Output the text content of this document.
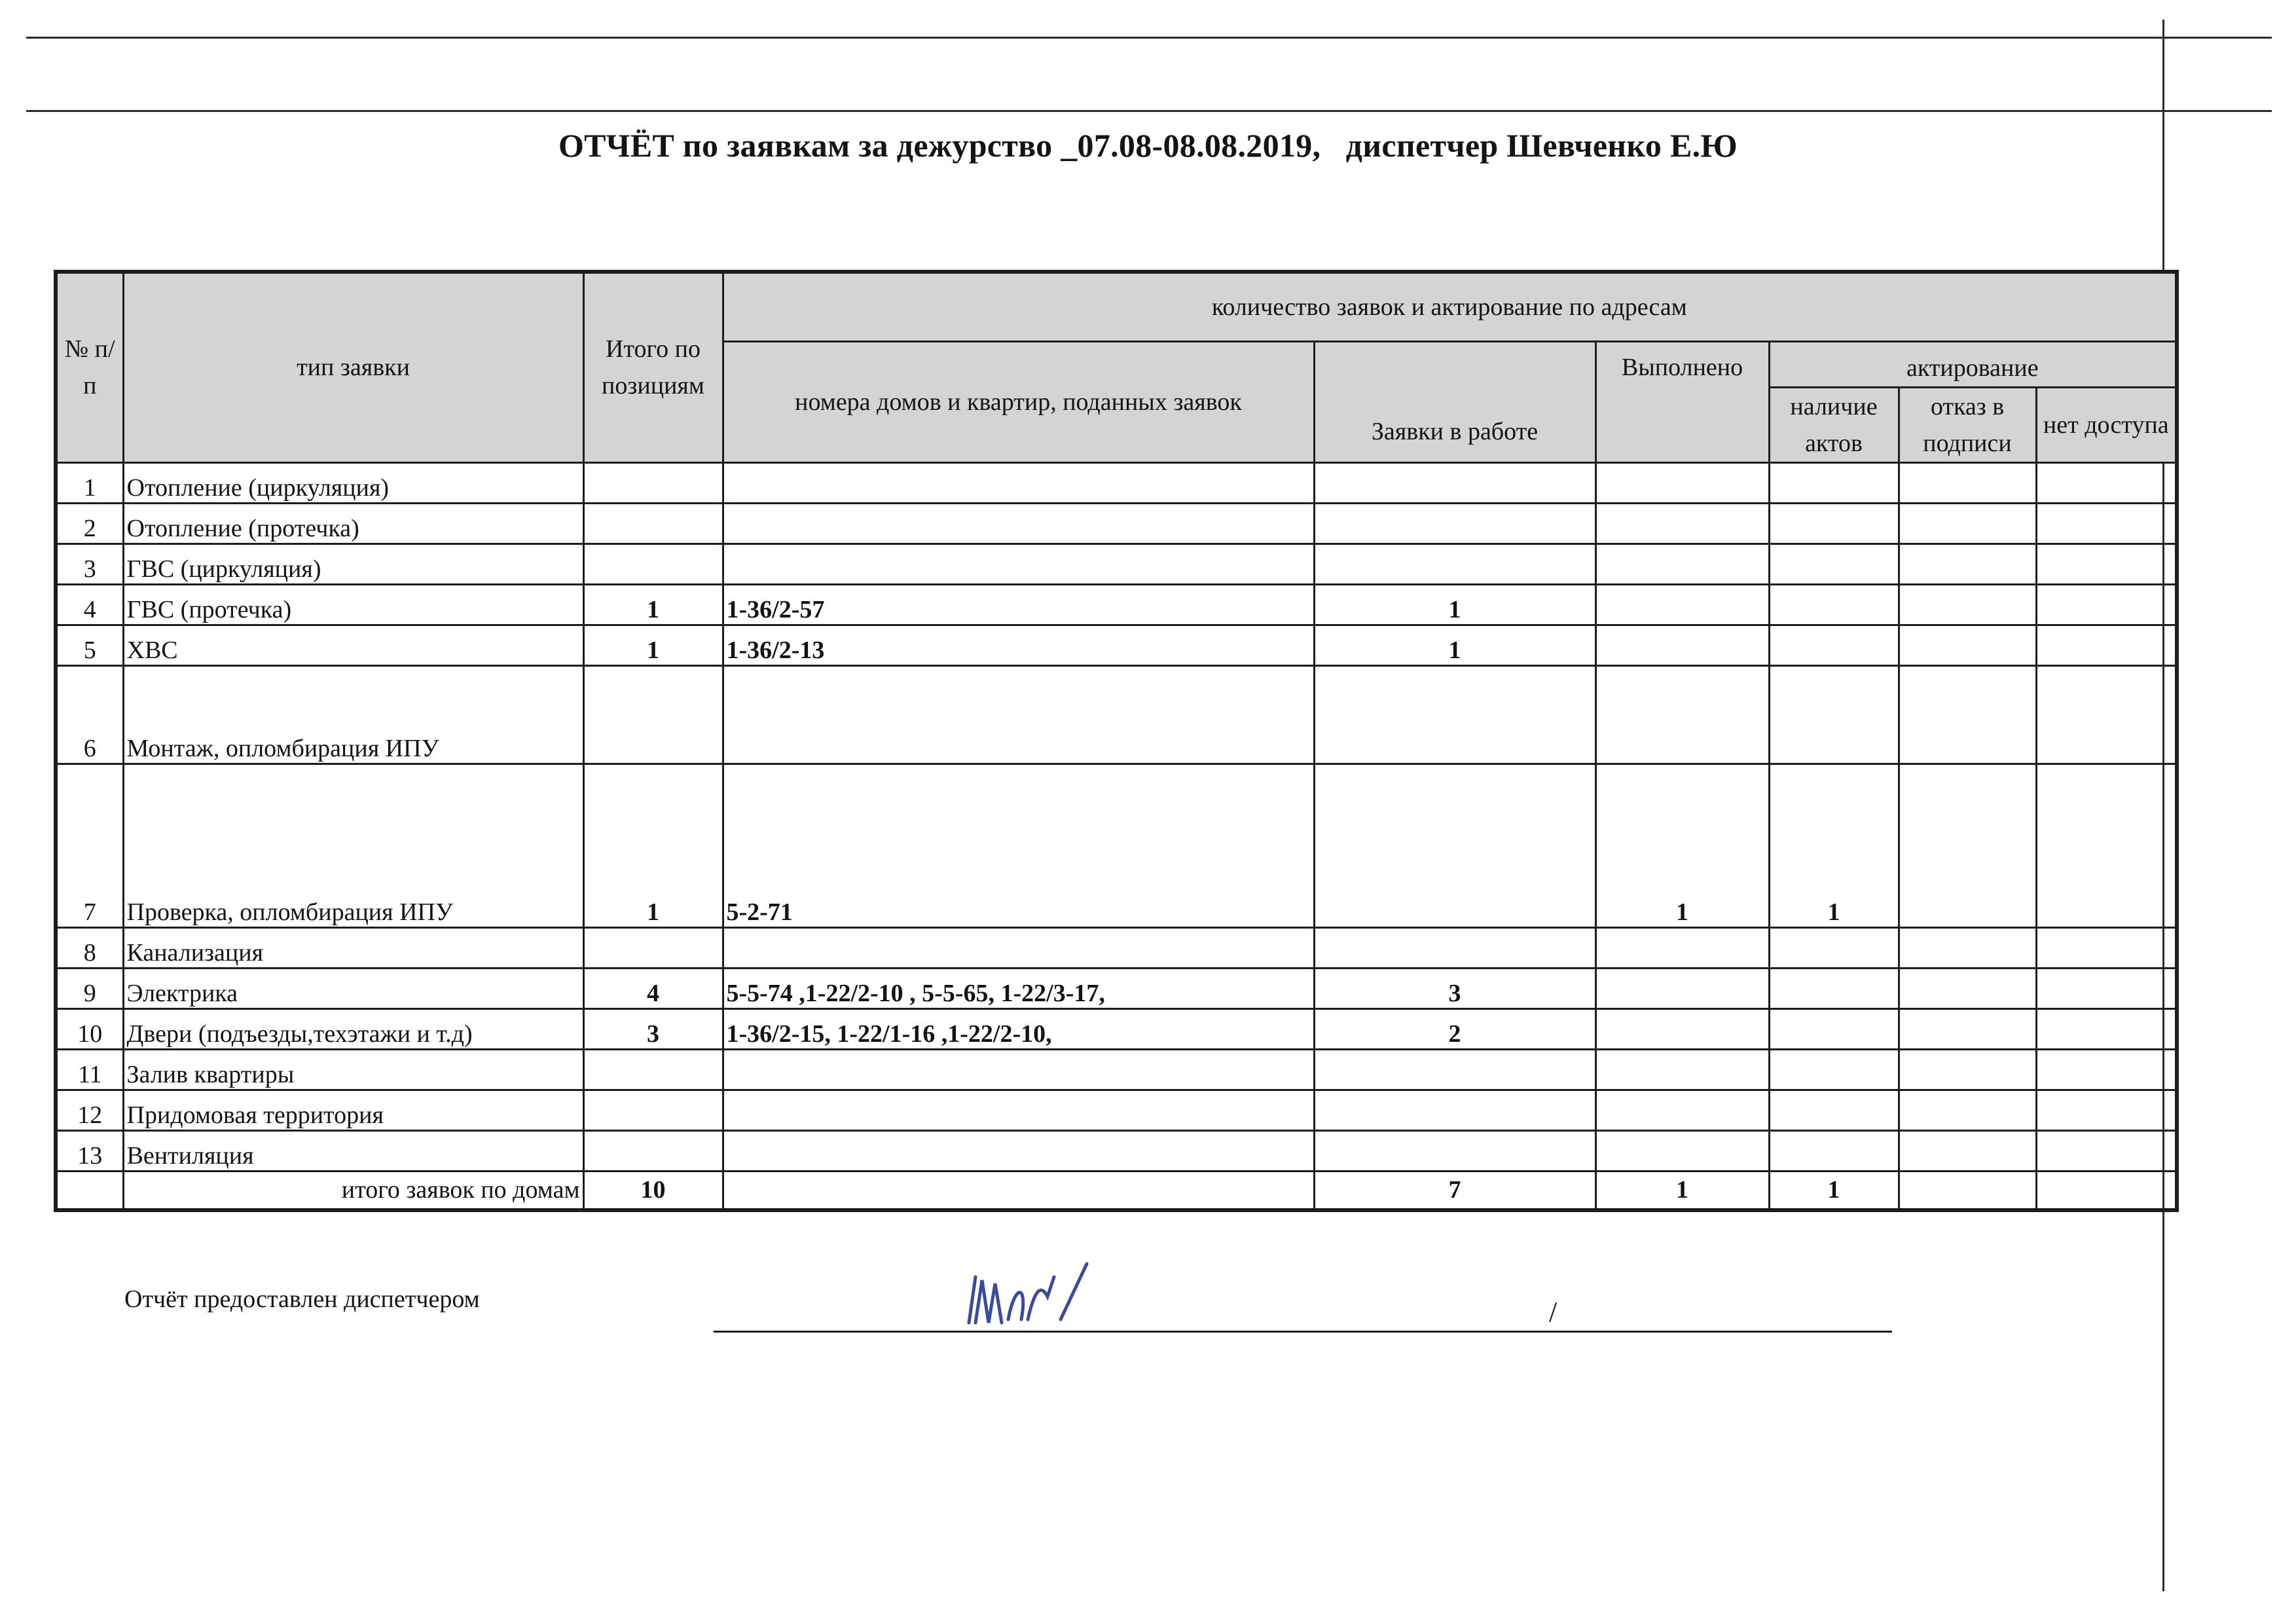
ОТЧЁТ по заявкам за дежурство _07.08-08.08.2019,   диспетчер Шевченко Е.Ю
№ п/п	тип заявки	Итого по позициям	количество заявок и актирование по адресам					
			номера домов и квартир, поданных заявок	Заявки в работе	Выполнено	актирование		
						наличие актов	отказ в подписи	нет доступа
1	Отопление (циркуляция)							
2	Отопление (протечка)							
3	ГВС (циркуляция)							
4	ГВС (протечка)	1	1-36/2-57	1				
5	ХВС	1	1-36/2-13	1				
6	Монтаж, опломбирация ИПУ							
7	Проверка, опломбирация ИПУ	1	5-2-71		1	1		
8	Канализация							
9	Электрика	4	5-5-74 ,1-22/2-10 , 5-5-65, 1-22/3-17,	3				
10	Двери (подъезды,техэтажи и т.д)	3	1-36/2-15, 1-22/1-16 ,1-22/2-10,	2				
11	Залив квартиры							
12	Придомовая территория							
13	Вентиляция							
	итого заявок по домам	10		7	1	1		
Отчёт предоставлен диспетчером	/
